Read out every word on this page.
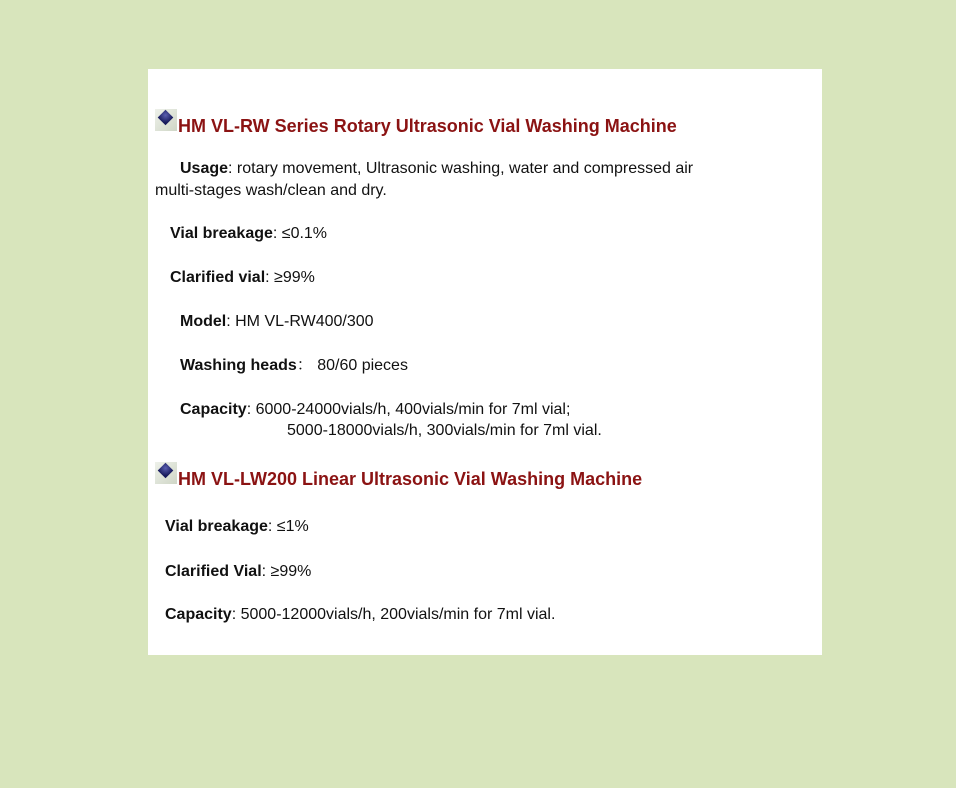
HM VL-RW Series Rotary Ultrasonic Vial Washing Machine
Usage: rotary movement, Ultrasonic washing, water and compressed air
multi-stages wash/clean and dry.
Vial breakage: ≤0.1%
Clarified vial: ≥99%
Model: HM VL-RW400/300
Washing heads： 80/60 pieces
Capacity: 6000-24000vials/h, 400vials/min for 7ml vial;
5000-18000vials/h, 300vials/min for 7ml vial.
HM VL-LW200 Linear Ultrasonic Vial Washing Machine
Vial breakage: ≤1%
Clarified Vial: ≥99%
Capacity: 5000-12000vials/h, 200vials/min for 7ml vial.
